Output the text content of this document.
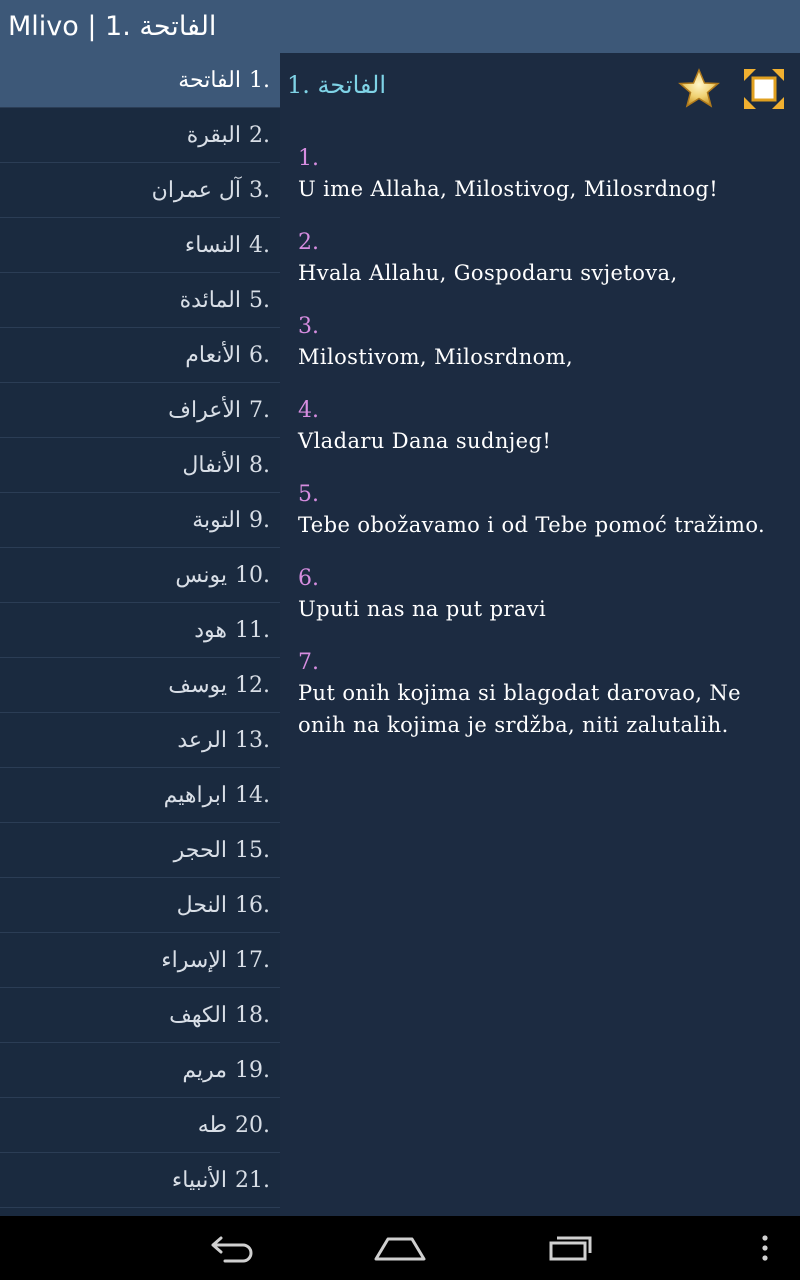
Mlivo | 1. الفاتحة
الفاتحة 1.
البقرة 2.
آل عمران 3.
النساء 4.
المائدة 5.
الأنعام 6.
الأعراف 7.
الأنفال 8.
التوبة 9.
يونس 10.
هود 11.
يوسف 12.
الرعد 13.
ابراهيم 14.
الحجر 15.
النحل 16.
الإسراء 17.
الكهف 18.
مريم 19.
طه 20.
الأنبياء 21.
1. الفاتحة
1.
U ime Allaha, Milostivog, Milosrdnog!
2.
Hvala Allahu, Gospodaru svjetova,
3.
Milostivom, Milosrdnom,
4.
Vladaru Dana sudnjeg!
5.
Tebe obožavamo i od Tebe pomoć tražimo.
6.
Uputi nas na put pravi
7.
Put onih kojima si blagodat darovao, Ne onih na kojima je srdžba, niti zalutalih.
